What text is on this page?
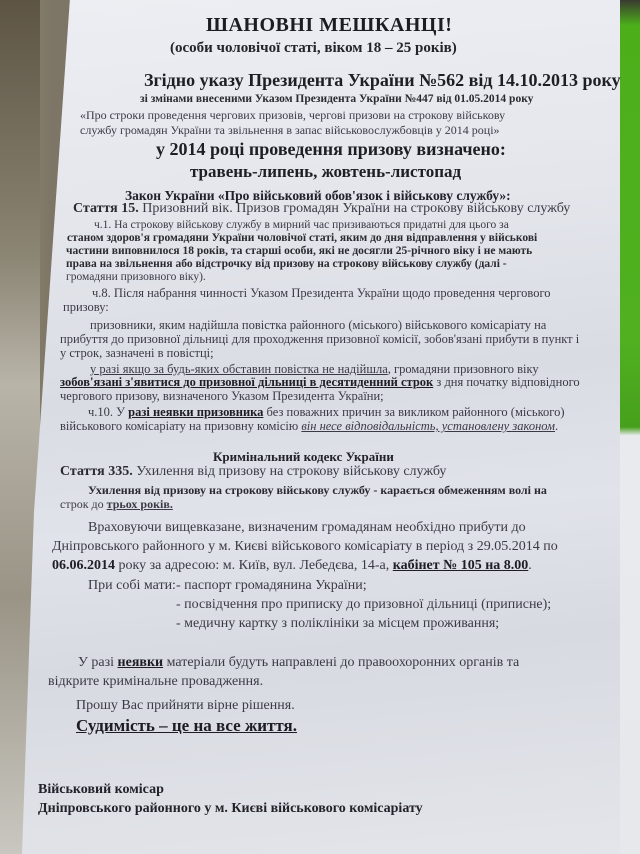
ШАНОВНІ МЕШКАНЦІ!
(особи чоловічої статі, віком 18 – 25 років)
Згідно указу Президента України №562 від 14.10.2013 року
зі змінами внесеними Указом Президента України №447 від 01.05.2014 року
«Про строки проведення чергових призовів, чергові призови на строкову військову
службу громадян України та звільнення в запас військовослужбовців у 2014 році»
у 2014 році проведення призову визначено:
травень-липень, жовтень-листопад
Закон України «Про військовий обов'язок і військову службу»:
Стаття 15. Призовний вік. Призов громадян України на строкову військову службу
ч.1. На строкову військову службу в мирний час призиваються придатні для цього за
станом здоров'я громадяни України чоловічої статі, яким до дня відправлення у військові
частини виповнилося 18 років, та старші особи, які не досягли 25-річного віку і не мають
права на звільнення або відстрочку від призову на строкову військову службу (далі -
громадяни призовного віку).
ч.8. Після набрання чинності Указом Президента України щодо проведення чергового
призову:
призовники, яким надійшла повістка районного (міського) військового комісаріату на
прибуття до призовної дільниці для проходження призовної комісії, зобов'язані прибути в пункт і
у строк, зазначені в повістці;
у разі якщо за будь-яких обставин повістка не надійшла, громадяни призовного віку
зобов'язані з'явитися до призовної дільниці в десятиденний строк з дня початку відповідного
чергового призову, визначеного Указом Президента України;
ч.10. У разі неявки призовника без поважних причин за викликом районного (міського)
військового комісаріату на призовну комісію він несе відповідальність, установлену законом.
Кримінальний кодекс України
Стаття 335. Ухилення від призову на строкову військову службу
Ухилення від призову на строкову військову службу - карається обмеженням волі на
строк до трьох років.
Враховуючи вищевказане, визначеним громадянам необхідно прибути до
Дніпровського районного у м. Києві військового комісаріату в період з 29.05.2014 по
06.06.2014 року за адресою: м. Київ, вул. Лебедєва, 14-а, кабінет № 105 на 8.00.
При собі мати: - паспорт громадянина України;
- посвідчення про приписку до призовної дільниці (приписне);
- медичну картку з поліклініки за місцем проживання;
У разі неявки матеріали будуть направлені до правоохоронних органів та
відкрите кримінальне провадження.
Прошу Вас прийняти вірне рішення.
Судимість – це на все життя.
Військовий комісар
Дніпровського районного у м. Києві військового комісаріату
